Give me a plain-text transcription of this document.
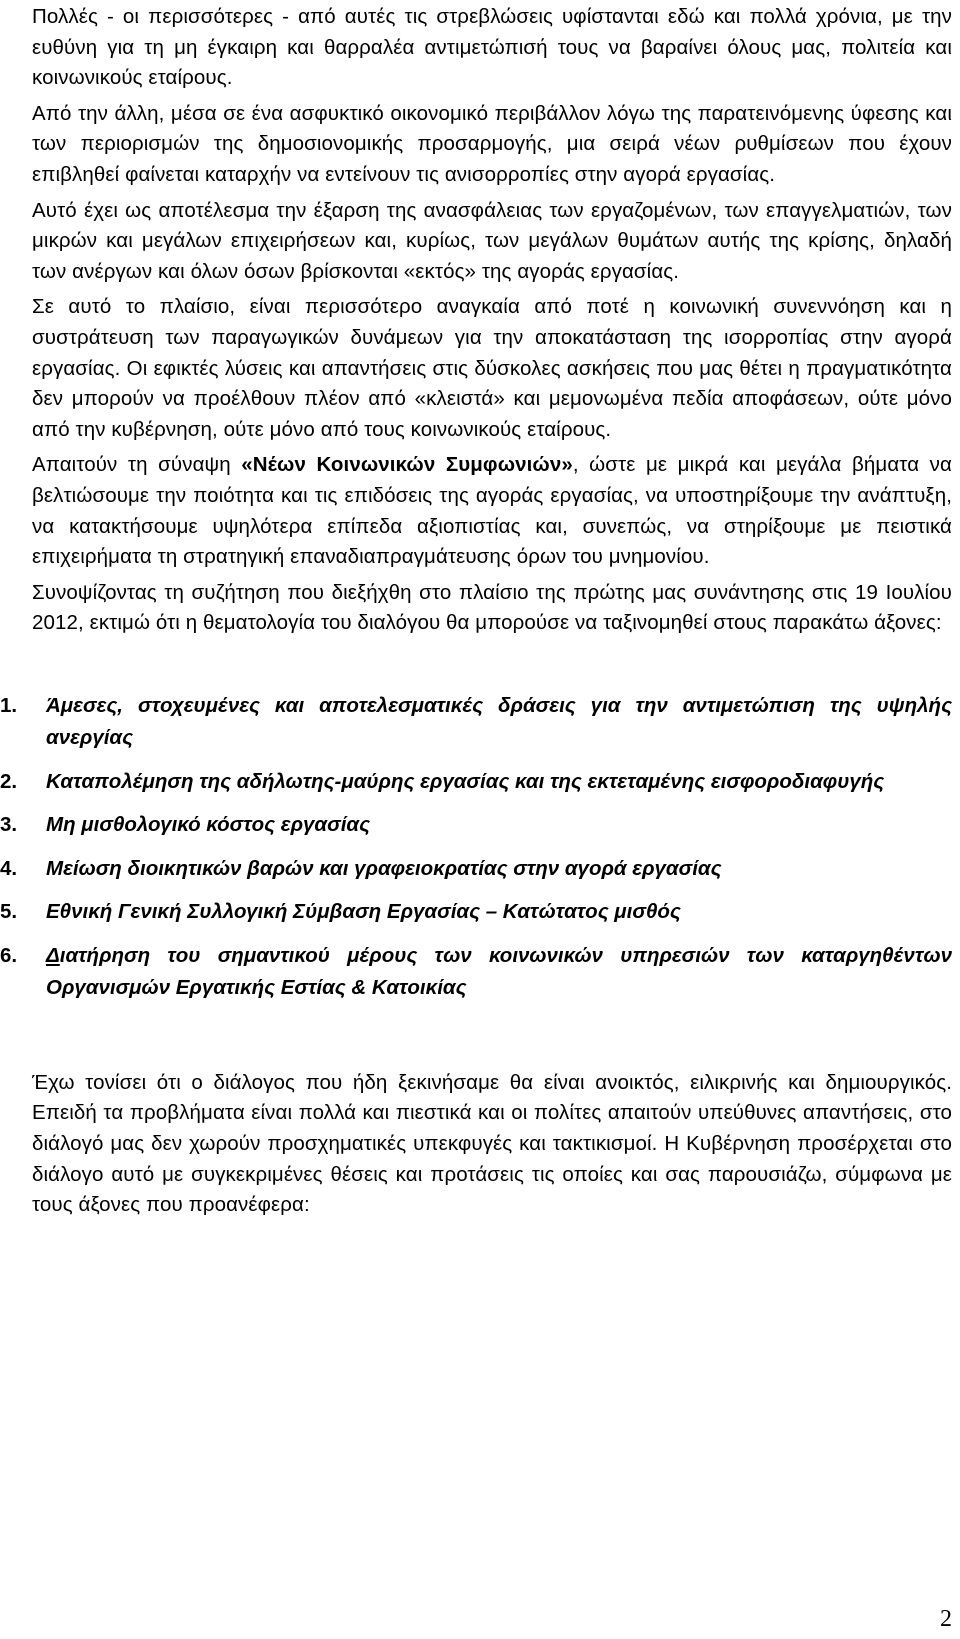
Πολλές - οι περισσότερες - από αυτές τις στρεβλώσεις υφίστανται εδώ και πολλά χρόνια, με την ευθύνη για τη μη έγκαιρη και θαρραλέα αντιμετώπισή τους να βαραίνει όλους μας, πολιτεία και κοινωνικούς εταίρους.

Από την άλλη, μέσα σε ένα ασφυκτικό οικονομικό περιβάλλον λόγω της παρατεινόμενης ύφεσης και των περιορισμών της δημοσιονομικής προσαρμογής, μια σειρά νέων ρυθμίσεων που έχουν επιβληθεί φαίνεται καταρχήν να εντείνουν τις ανισορροπίες στην αγορά εργασίας.

Αυτό έχει ως αποτέλεσμα την έξαρση της ανασφάλειας των εργαζομένων, των επαγγελματιών, των μικρών και μεγάλων επιχειρήσεων και, κυρίως, των μεγάλων θυμάτων αυτής της κρίσης, δηλαδή των ανέργων και όλων όσων βρίσκονται «εκτός» της αγοράς εργασίας.

Σε αυτό το πλαίσιο, είναι περισσότερο αναγκαία από ποτέ η κοινωνική συνεννόηση και η συστράτευση των παραγωγικών δυνάμεων για την αποκατάσταση της ισορροπίας στην αγορά εργασίας. Οι εφικτές λύσεις και απαντήσεις στις δύσκολες ασκήσεις που μας θέτει η πραγματικότητα δεν μπορούν να προέλθουν πλέον από «κλειστά» και μεμονωμένα πεδία αποφάσεων, ούτε μόνο από την κυβέρνηση, ούτε μόνο από τους κοινωνικούς εταίρους.

Απαιτούν τη σύναψη «Νέων Κοινωνικών Συμφωνιών», ώστε με μικρά και μεγάλα βήματα να βελτιώσουμε την ποιότητα και τις επιδόσεις της αγοράς εργασίας, να υποστηρίξουμε την ανάπτυξη, να κατακτήσουμε υψηλότερα επίπεδα αξιοπιστίας και, συνεπώς, να στηρίξουμε με πειστικά επιχειρήματα τη στρατηγική επαναδιαπραγμάτευσης όρων του μνημονίου.

Συνοψίζοντας τη συζήτηση που διεξήχθη στο πλαίσιο της πρώτης μας συνάντησης στις 19 Ιουλίου 2012, εκτιμώ ότι η θεματολογία του διαλόγου θα μπορούσε να ταξινομηθεί στους παρακάτω άξονες:

1.	Άμεσες, στοχευμένες και αποτελεσματικές δράσεις για την αντιμετώπιση της υψηλής ανεργίας
2.	Καταπολέμηση της αδήλωτης-μαύρης εργασίας και της εκτεταμένης εισφοροδιαφυγής
3.	Μη μισθολογικό κόστος εργασίας
4.	Μείωση διοικητικών βαρών και γραφειοκρατίας στην αγορά εργασίας
5.	Εθνική Γενική Συλλογική Σύμβαση Εργασίας – Κατώτατος μισθός
6.	Διατήρηση του σημαντικού μέρους των κοινωνικών υπηρεσιών των καταργηθέντων Οργανισμών Εργατικής Εστίας & Κατοικίας

Έχω τονίσει ότι ο διάλογος που ήδη ξεκινήσαμε θα είναι ανοικτός, ειλικρινής και δημιουργικός. Επειδή τα προβλήματα είναι πολλά και πιεστικά και οι πολίτες απαιτούν υπεύθυνες απαντήσεις, στο διάλογό μας δεν χωρούν προσχηματικές υπεκφυγές και τακτικισμοί. Η Κυβέρνηση προσέρχεται στο διάλογο αυτό με συγκεκριμένες θέσεις και προτάσεις τις οποίες και σας παρουσιάζω, σύμφωνα με τους άξονες που προανέφερα:

2
